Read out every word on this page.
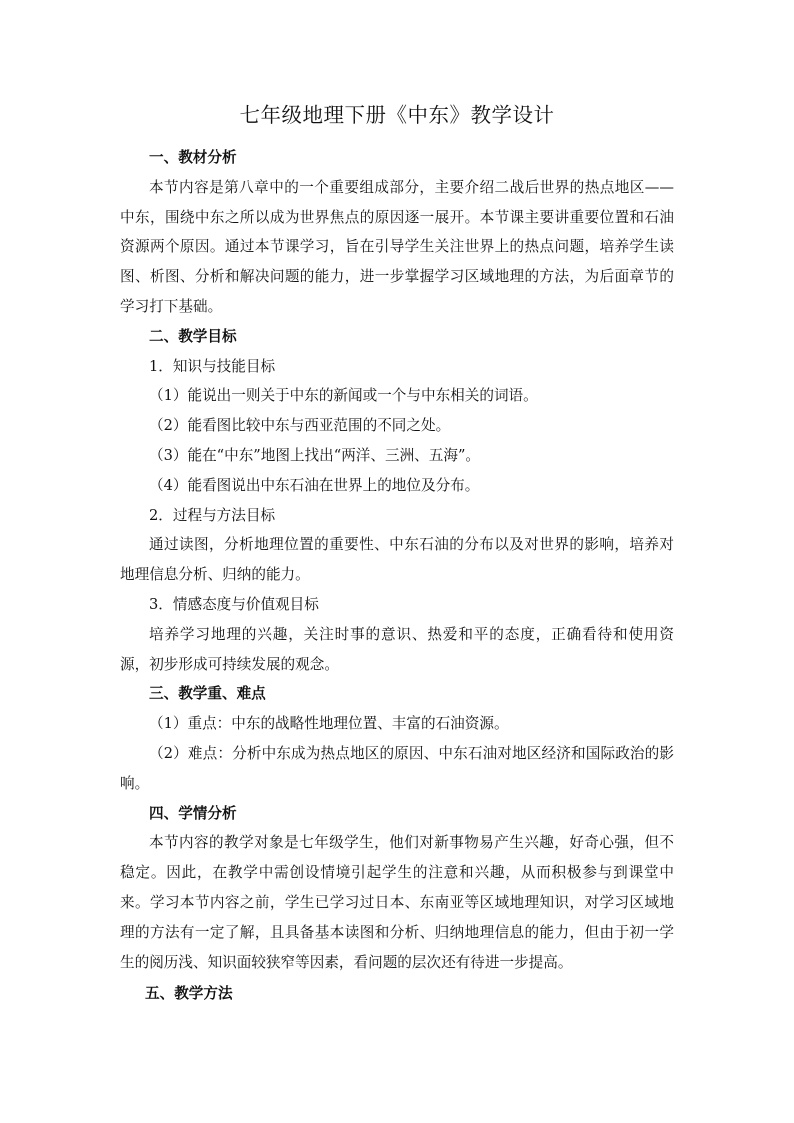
七年级地理下册《中东》教学设计

一、教材分析

本节内容是第八章中的一个重要组成部分，主要介绍二战后世界的热点地区——中东，围绕中东之所以成为世界焦点的原因逐一展开。本节课主要讲重要位置和石油资源两个原因。通过本节课学习，旨在引导学生关注世界上的热点问题，培养学生读图、析图、分析和解决问题的能力，进一步掌握学习区域地理的方法，为后面章节的学习打下基础。

二、教学目标

1．知识与技能目标

（1）能说出一则关于中东的新闻或一个与中东相关的词语。

（2）能看图比较中东与西亚范围的不同之处。

（3）能在“中东”地图上找出“两洋、三洲、五海”。

（4）能看图说出中东石油在世界上的地位及分布。

2．过程与方法目标

通过读图，分析地理位置的重要性、中东石油的分布以及对世界的影响，培养对地理信息分析、归纳的能力。

3．情感态度与价值观目标

培养学习地理的兴趣，关注时事的意识、热爱和平的态度，正确看待和使用资源，初步形成可持续发展的观念。

三、教学重、难点

（1）重点：中东的战略性地理位置、丰富的石油资源。

（2）难点：分析中东成为热点地区的原因、中东石油对地区经济和国际政治的影响。

四、学情分析

本节内容的教学对象是七年级学生，他们对新事物易产生兴趣，好奇心强，但不稳定。因此，在教学中需创设情境引起学生的注意和兴趣，从而积极参与到课堂中来。学习本节内容之前，学生已学习过日本、东南亚等区域地理知识，对学习区域地理的方法有一定了解，且具备基本读图和分析、归纳地理信息的能力，但由于初一学生的阅历浅、知识面较狭窄等因素，看问题的层次还有待进一步提高。

五、教学方法
